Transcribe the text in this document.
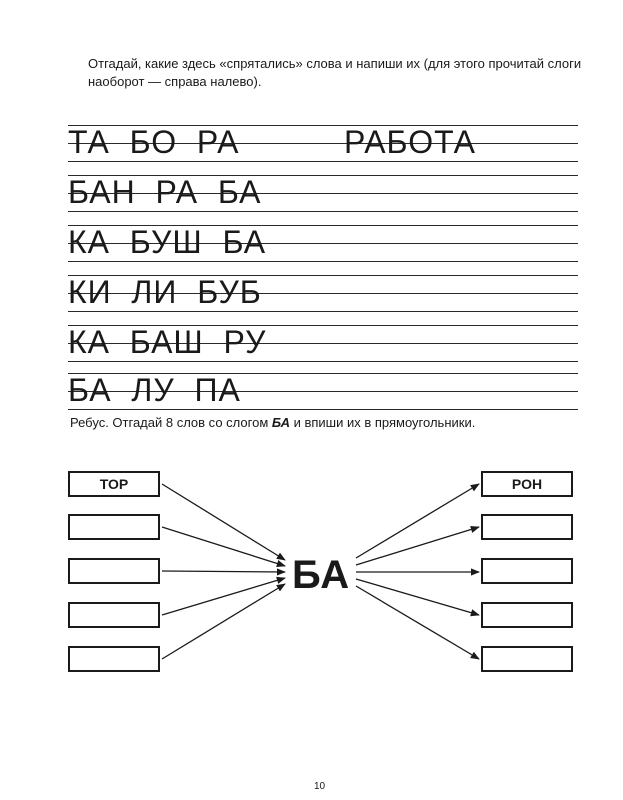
Отгадай, какие здесь «спрятались» слова и напиши их (для этого прочитай слоги наоборот — справа налево).
ТА  БО  РА	РАБОТА
БАН  РА  БА
КА  БУШ  БА
КИ  ЛИ  БУБ
КА  БАШ  РУ
БА  ЛУ  ПА
Ребус. Отгадай 8 слов со слогом БА и впиши их в прямоугольники.
ТОР	РОН
БА
10
